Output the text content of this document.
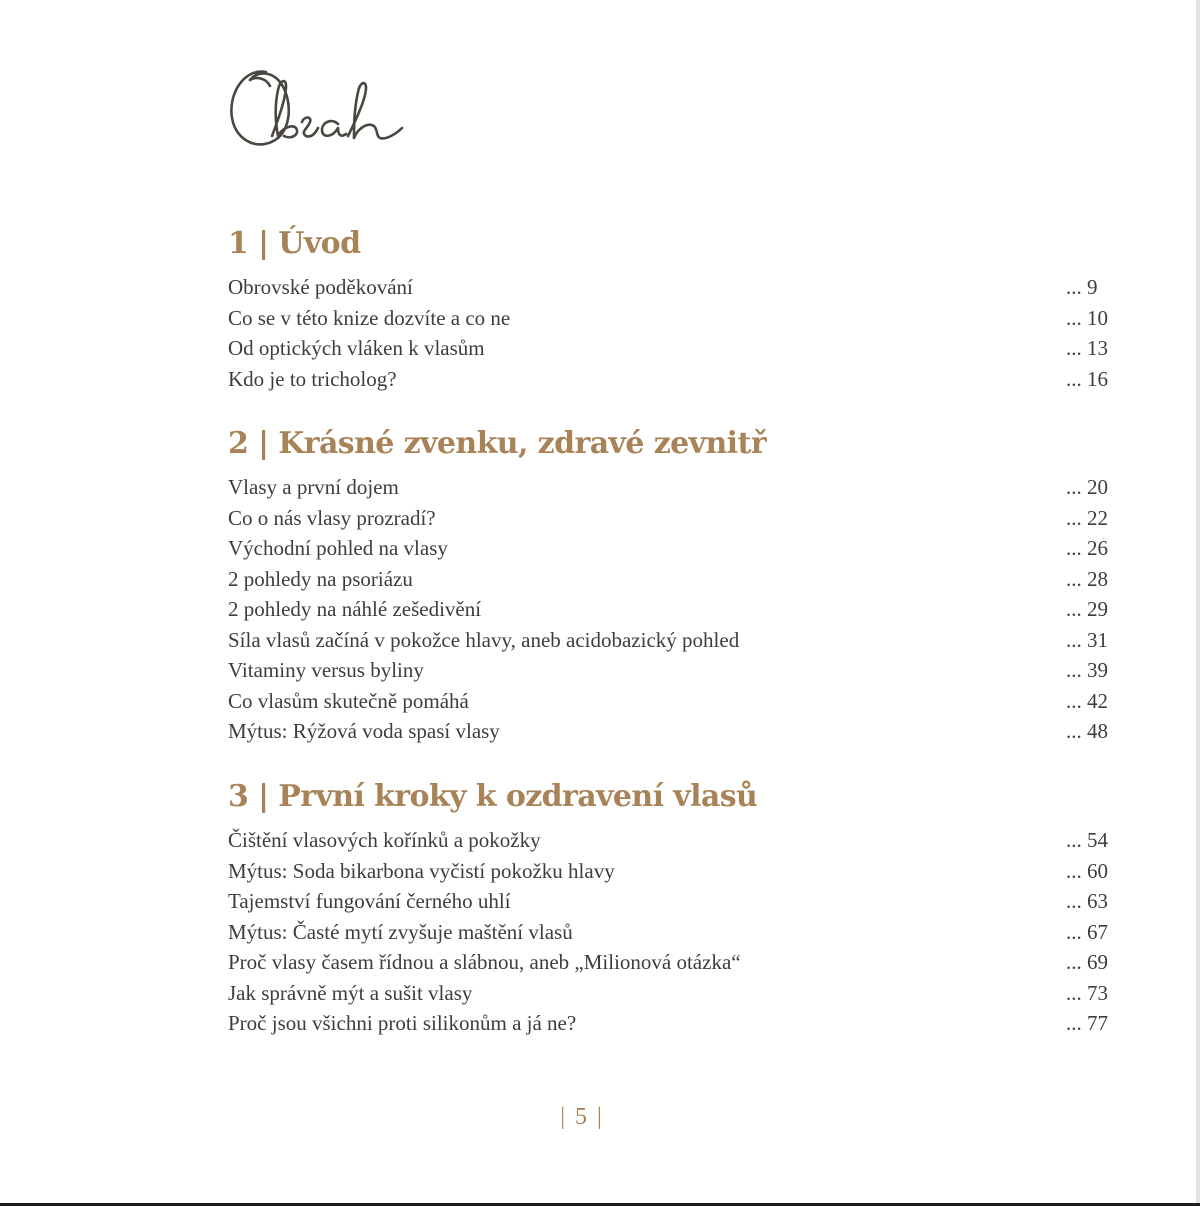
1 | Úvod
Obrovské poděkování	... 9
Co se v této knize dozvíte a co ne	... 10
Od optických vláken k vlasům	... 13
Kdo je to tricholog?	... 16
2 | Krásné zvenku, zdravé zevnitř
Vlasy a první dojem	... 20
Co o nás vlasy prozradí?	... 22
Východní pohled na vlasy	... 26
2 pohledy na psoriázu	... 28
2 pohledy na náhlé zešedivění	... 29
Síla vlasů začíná v pokožce hlavy, aneb acidobazický pohled	... 31
Vitaminy versus byliny	... 39
Co vlasům skutečně pomáhá	... 42
Mýtus: Rýžová voda spasí vlasy	... 48
3 | První kroky k ozdravení vlasů
Čištění vlasových kořínků a pokožky	... 54
Mýtus: Soda bikarbona vyčistí pokožku hlavy	... 60
Tajemství fungování černého uhlí	... 63
Mýtus: Časté mytí zvyšuje maštění vlasů	... 67
Proč vlasy časem řídnou a slábnou, aneb „Milionová otázka“	... 69
Jak správně mýt a sušit vlasy	... 73
Proč jsou všichni proti silikonům a já ne?	... 77
| 5 |
